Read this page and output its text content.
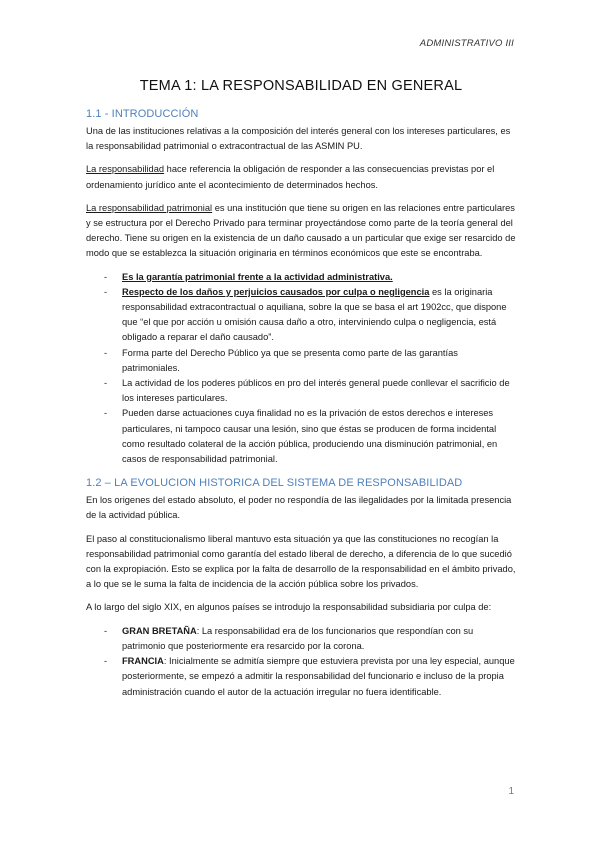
ADMINISTRATIVO III
TEMA 1: LA RESPONSABILIDAD EN GENERAL
1.1 - INTRODUCCIÓN

Una de las instituciones relativas a la composición del interés general con los intereses particulares, es la responsabilidad patrimonial o extracontractual de las ASMIN PU.

La responsabilidad hace referencia la obligación de responder a las consecuencias previstas por el ordenamiento jurídico ante el acontecimiento de determinados hechos.

La responsabilidad patrimonial es una institución que tiene su origen en las relaciones entre particulares y se estructura por el Derecho Privado para terminar proyectándose como parte de la teoría general del derecho. Tiene su origen en la existencia de un daño causado a un particular que exige ser resarcido de modo que se establezca la situación originaria en términos económicos que este se encontraba.

- Es la garantía patrimonial frente a la actividad administrativa.
- Respecto de los daños y perjuicios causados por culpa o negligencia es la originaria responsabilidad extracontractual o aquiliana, sobre la que se basa el art 1902cc, que dispone que “el que por acción u omisión causa daño a otro, interviniendo culpa o negligencia, está obligado a reparar el daño causado”.
- Forma parte del Derecho Público ya que se presenta como parte de las garantías patrimoniales.
- La actividad de los poderes públicos en pro del interés general puede conllevar el sacrificio de los intereses particulares.
- Pueden darse actuaciones cuya finalidad no es la privación de estos derechos e intereses particulares, ni tampoco causar una lesión, sino que éstas se producen de forma incidental como resultado colateral de la acción pública, produciendo una disminución patrimonial, en casos de responsabilidad patrimonial.
1.2 – LA EVOLUCION HISTORICA DEL SISTEMA DE RESPONSABILIDAD

En los origenes del estado absoluto, el poder no respondía de las ilegalidades por la limitada presencia de la actividad pública.

El paso al constitucionalismo liberal mantuvo esta situación ya que las constituciones no recogían la responsabilidad patrimonial como garantía del estado liberal de derecho, a diferencia de lo que sucedió con la expropiación. Esto se explica por la falta de desarrollo de la responsabilidad en el ámbito privado, a lo que se le suma la falta de incidencia de la acción pública sobre los privados.

A lo largo del siglo XIX, en algunos países se introdujo la responsabilidad subsidiaria por culpa de:

- GRAN BRETAÑA: La responsabilidad era de los funcionarios que respondían con su patrimonio que posteriormente era resarcido por la corona.
- FRANCIA: Inicialmente se admitía siempre que estuviera prevista por una ley especial, aunque posteriormente, se empezó a admitir la responsabilidad del funcionario e incluso de la propia administración cuando el autor de la actuación irregular no fuera identificable.
1
